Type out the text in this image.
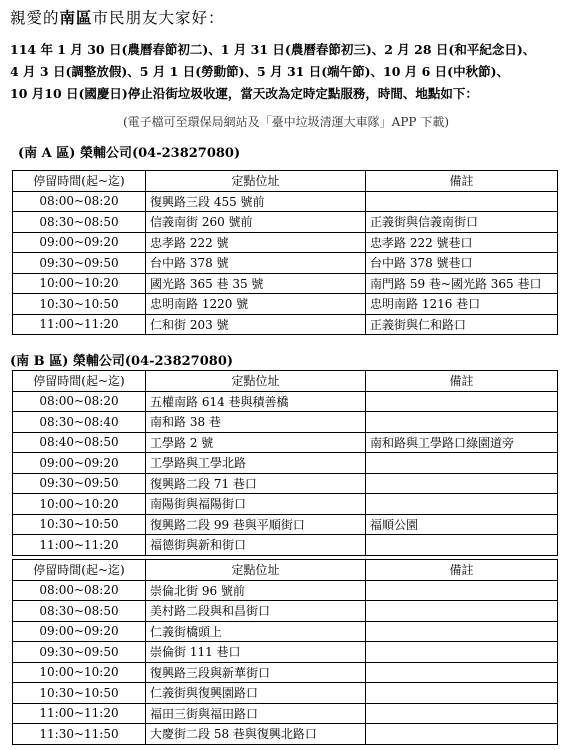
親愛的南區市民朋友大家好：
114 年 1 月 30 日(農曆春節初二)、1 月 31 日(農曆春節初三)、2 月 28 日(和平紀念日)、
4 月 3 日(調整放假)、5 月 1 日(勞動節)、5 月 31 日(端午節)、10 月 6 日(中秋節)、
10 月10 日(國慶日)停止沿街垃圾收運，當天改為定時定點服務，時間、地點如下：
(電子檔可至環保局網站及「臺中垃圾清運大車隊」APP 下載)
(南 A 區) 榮輔公司(04-23827080)
停留時間(起~迄)	定點位址	備註
08:00~08:20	復興路三段 455 號前	
08:30~08:50	信義南街 260 號前	正義街與信義南街口
09:00~09:20	忠孝路 222 號	忠孝路 222 號巷口
09:30~09:50	台中路 378 號	台中路 378 號巷口
10:00~10:20	國光路 365 巷 35 號	南門路 59 巷~國光路 365 巷口
10:30~10:50	忠明南路 1220 號	忠明南路 1216 巷口
11:00~11:20	仁和街 203 號	正義街與仁和路口
(南 B 區) 榮輔公司(04-23827080)
停留時間(起~迄)	定點位址	備註
08:00~08:20	五權南路 614 巷與積善橋	
08:30~08:40	南和路 38 巷	
08:40~08:50	工學路 2 號	南和路與工學路口綠園道旁
09:00~09:20	工學路與工學北路	
09:30~09:50	復興路二段 71 巷口	
10:00~10:20	南陽街與福陽街口	
10:30~10:50	復興路二段 99 巷與平順街口	福順公園
11:00~11:20	福德街與新和街口	
停留時間(起~迄)	定點位址	備註
08:00~08:20	崇倫北街 96 號前	
08:30~08:50	美村路二段與和昌街口	
09:00~09:20	仁義街橋頭上	
09:30~09:50	崇倫街 111 巷口	
10:00~10:20	復興路三段與新華街口	
10:30~10:50	仁義街與復興園路口	
11:00~11:20	福田三街與福田路口	
11:30~11:50	大慶街二段 58 巷與復興北路口	
